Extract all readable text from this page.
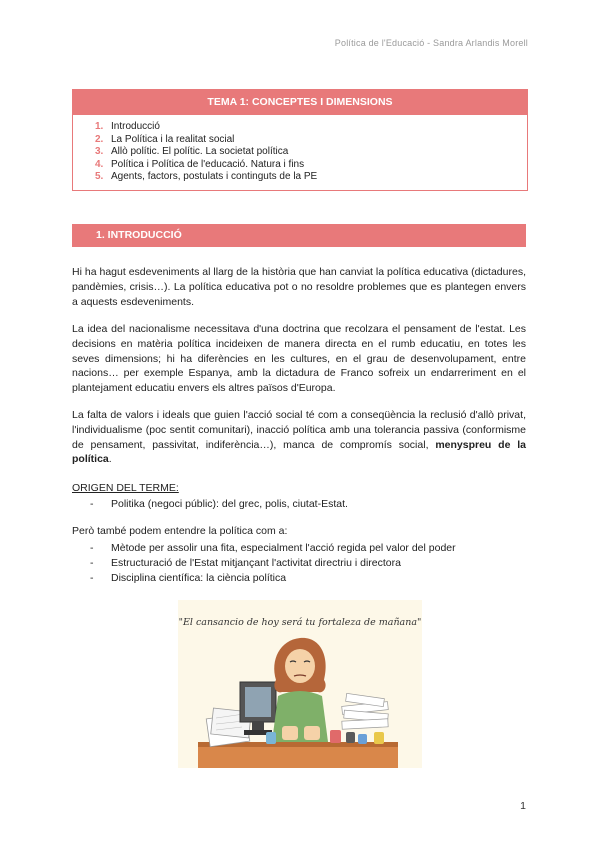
Política de l'Educació - Sandra Arlandis Morell
TEMA 1: CONCEPTES I DIMENSIONS
1. Introducció
2. La Política i la realitat social
3. Allò polític. El polític. La societat política
4. Política i Política de l'educació. Natura i fins
5. Agents, factors, postulats i continguts de la PE
1. INTRODUCCIÓ
Hi ha hagut esdeveniments al llarg de la història que han canviat la política educativa (dictadures, pandèmies, crisis…). La política educativa pot o no resoldre problemes que es plantegen envers a aquests esdeveniments.
La idea del nacionalisme necessitava d'una doctrina que recolzara el pensament de l'estat. Les decisions en matèria política incideixen de manera directa en el rumb educatiu, en totes les seves dimensions; hi ha diferències en les cultures, en el grau de desenvolupament, entre nacions… per exemple Espanya, amb la dictadura de Franco sofreix un endarreriment en el plantejament educatiu envers els altres països d'Europa.
La falta de valors i ideals que guien l'acció social té com a conseqüència la reclusió d'allò privat, l'individualisme (poc sentit comunitari), inacció política amb una tolerancia passiva (conformisme de pensament, passivitat, indiferència…), manca de compromís social, menyspreu de la política.
ORIGEN DEL TERME:
-	Politika (negoci públic): del grec, polis, ciutat-Estat.
Però també podem entendre la política com a:
-	Mètode per assolir una fita, especialment l'acció regida pel valor del poder
-	Estructuració de l'Estat mitjançant l'activitat directriu i directora
-	Disciplina científica: la ciència política
"El cansancio de hoy será tu fortaleza de mañana"
1
